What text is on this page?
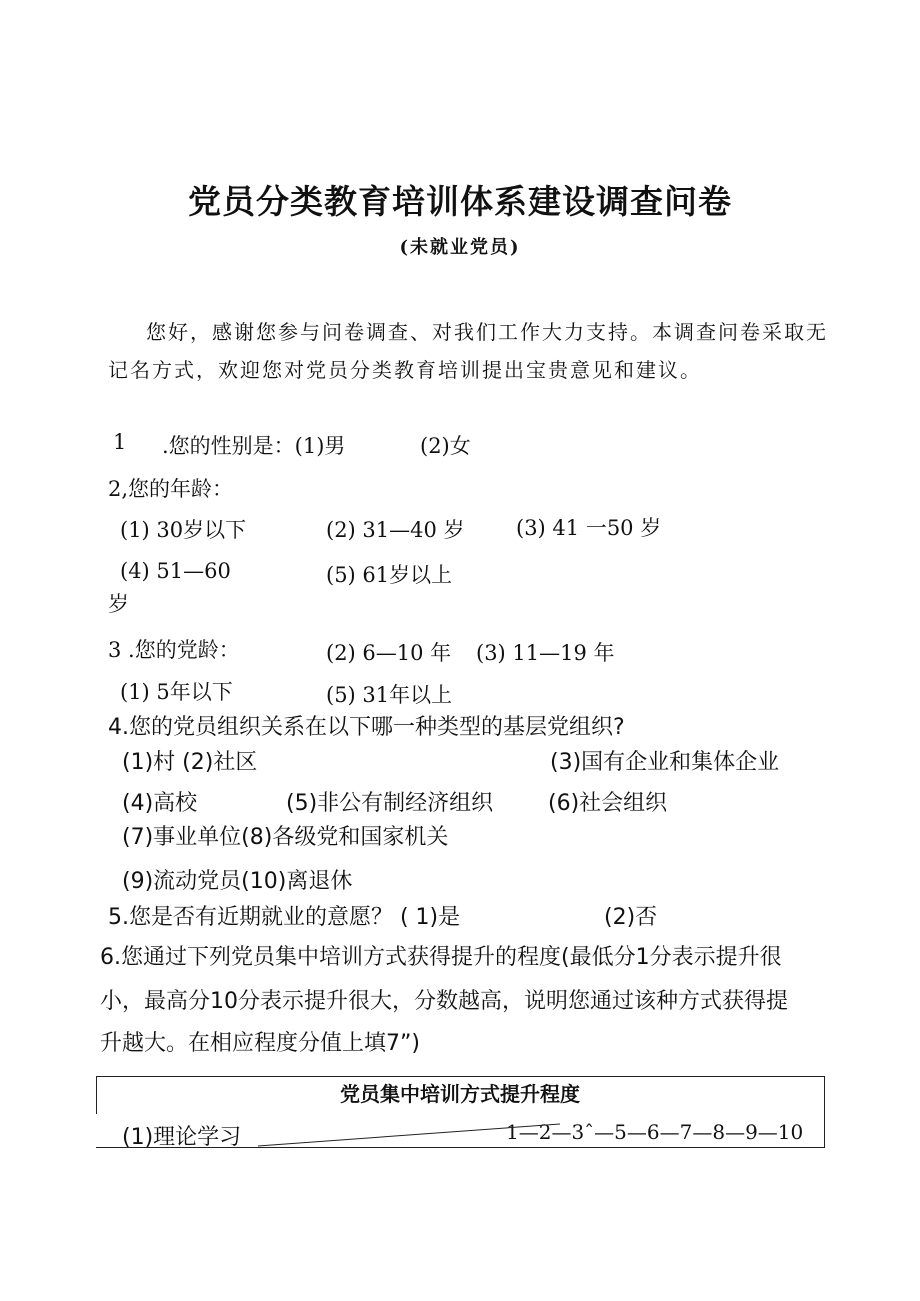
党员分类教育培训体系建设调查问卷
(未就业党员)
您好，感谢您参与问卷调查、对我们工作大力支持。本调查问卷采取无
记名方式，欢迎您对党员分类教育培训提出宝贵意见和建议。
1 .您的性别是：(1)男	(2)女
2,您的年龄：
(1) 30岁以下	(2) 31—40 岁 (3) 41 一50 岁
(4) 51—60
岁
(5) 61岁以上
3 .您的党龄：	(2) 6—10 年 (3) 11—19 年
(1) 5年以下	(5) 31年以上
4.您的党员组织关系在以下哪一种类型的基层党组织?
(1)村 (2)社区	(3)国有企业和集体企业
(4)高校	(5)非公有制经济组织 (6)社会组织
(7)事业单位(8)各级党和国家机关
(9)流动党员(10)离退休
5.您是否有近期就业的意愿？ ( 1)是	(2)否
6.您通过下列党员集中培训方式获得提升的程度(最低分1分表示提升很
小，最高分10分表示提升很大，分数越高，说明您通过该种方式获得提
升越大。在相应程度分值上填7”)
党员集中培训方式提升程度
(1)理论学习	1—2—3ˆ—5—6—7—8—9—10
